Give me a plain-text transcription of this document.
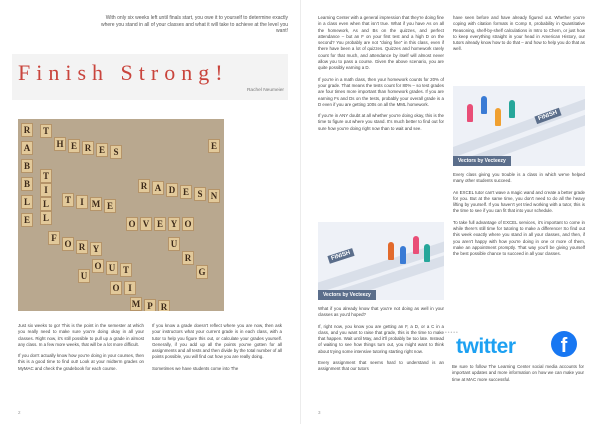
With only six weeks left until finals start, you owe it to yourself to determine exactly where you stand in all of your classes and what it will take to achieve at the level you want!
Finish Strong!
Rachel Neumeier
R
A
B
B
L
E
T
H E R E S
T
I
L
L
T	I M E
F
O R Y
O U T
O I
M P R
O V E Y O
U
R
G
R A D E S N
U
E

Just six weeks to go! This is the point in the semester at which you really need to make sure you're doing okay in all your classes. Right now, it's still possible to pull up a grade in almost any class. In a few more weeks, that will be a lot more difficult.

If you don't actually know how you're doing in your courses, then this is a good time to find out! Look at your midterm grades on MyMAC and check the gradebook for each course.

If you know a grade doesn't reflect where you are now, then ask your instructors what your current grade is in each class, with a tutor to help you figure this out, or calculate your grades yourself. Generally, if you add up all the points you've gotten for all assignments and all tests and then divide by the total number of all points possible, you will find out how you are really doing.

Sometimes we have students come into The

2

Learning Center with a general impression that they're doing fine in a class even when that isn't true. What if you have As on all the homework, As and Bs on the quizzes, and perfect attendance – but an F on your first test and a high D on the second? You probably are not "doing fine" in this class, even if there have been a lot of quizzes. Quizzes and homework rarely count for that much, and attendance by itself will almost never allow you to pass a course. Given the above scenario, you are quite possibly earning a D.

If you're in a math class, then your homework counts for 20% of your grade. That means the tests count for 80% – so test grades are four times more important than homework grades. If you are earning Fs and Ds on the tests, probably your overall grade is a D even if you are getting 100s on all the MML homework.

If you're in ANY doubt at all whether you're doing okay, this is the time to figure out where you stand. It's much better to find out for sure how you're doing right now than to wait and see.

FINISH
Vectors by Vecteezy

What if you already know that you're not doing as well in your classes as you'd hoped?

If, right now, you know you are getting an F, a D, or a C in a class, and you want to raise that grade, this is the time to make that happen. Wait until May, and it'll probably be too late. Instead of waiting to see how things turn out, you might want to think about trying some intensive tutoring starting right now.

Every assignment that seems hard to understand is an assignment that our tutors

have seen before and have already figured out. Whether you're coping with citation formats in Comp II, probability in Quantitative Reasoning, shelf-by-shelf calculations in Intro to Chem, or just how to keep everything straight in your head in American History, our tutors already know how to do that – and how to help you do that as well.

FINISH
Vectors by Vecteezy

Every class giving you trouble is a class in which we've helped many other students succeed.

An EXCEL tutor can't wave a magic wand and create a better grade for you. But at the same time, you don't need to do all the heavy lifting by yourself. If you haven't yet tried working with a tutor, this is the time to see if you can fit that into your schedule.

To take full advantage of EXCEL services, it's important to come in while there's still time for tutoring to make a difference! So find out this week exactly where you stand in all your classes, and then, if you aren't happy with how you're doing in one or more of them, make an appointment promptly. That way you'll be giving yourself the best possible chance to succeed in all your classes.

3
•••••
twitter	f
Be sure to follow The Learning Center social media accounts for important updates and more information on how we can make your time at MAC more successful.
